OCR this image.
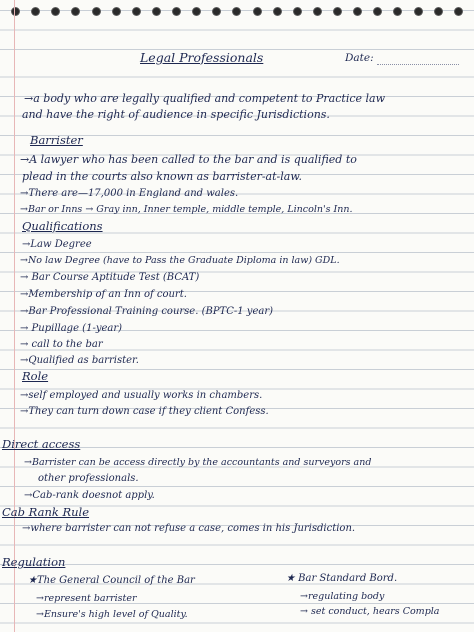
Legal Professionals	Date:
→a body who are legally qualified and competent to Practice law
and have the right of audience in specific Jurisdictions.
Barrister
→A lawyer who has been called to the bar and is qualified to
plead in the courts also known as barrister-at-law.
→There are—17,000 in England and wales.
→Bar or Inns → Gray inn, Inner temple, middle temple, Lincoln's Inn.
Qualifications
→Law Degree
→No law Degree (have to Pass the Graduate Diploma in law) GDL.
→ Bar Course Aptitude Test (BCAT)
→Membership of an Inn of court.
→Bar Professional Training course. (BPTC-1 year)
→ Pupillage (1-year)
→ call to the bar
→Qualified as barrister.
Role
→self employed and usually works in chambers.
→They can turn down case if they client Confess.
Direct access
→Barrister can be access directly by the accountants and surveyors and
other professionals.
→Cab-rank doesnot apply.
Cab Rank Rule
→where barrister can not refuse a case, comes in his Jurisdiction.
Regulation
★The General Council of the Bar	★ Bar Standard Bord.
→represent barrister	→regulating body
→Ensure's high level of Quality.	→ set conduct, hears Compla
